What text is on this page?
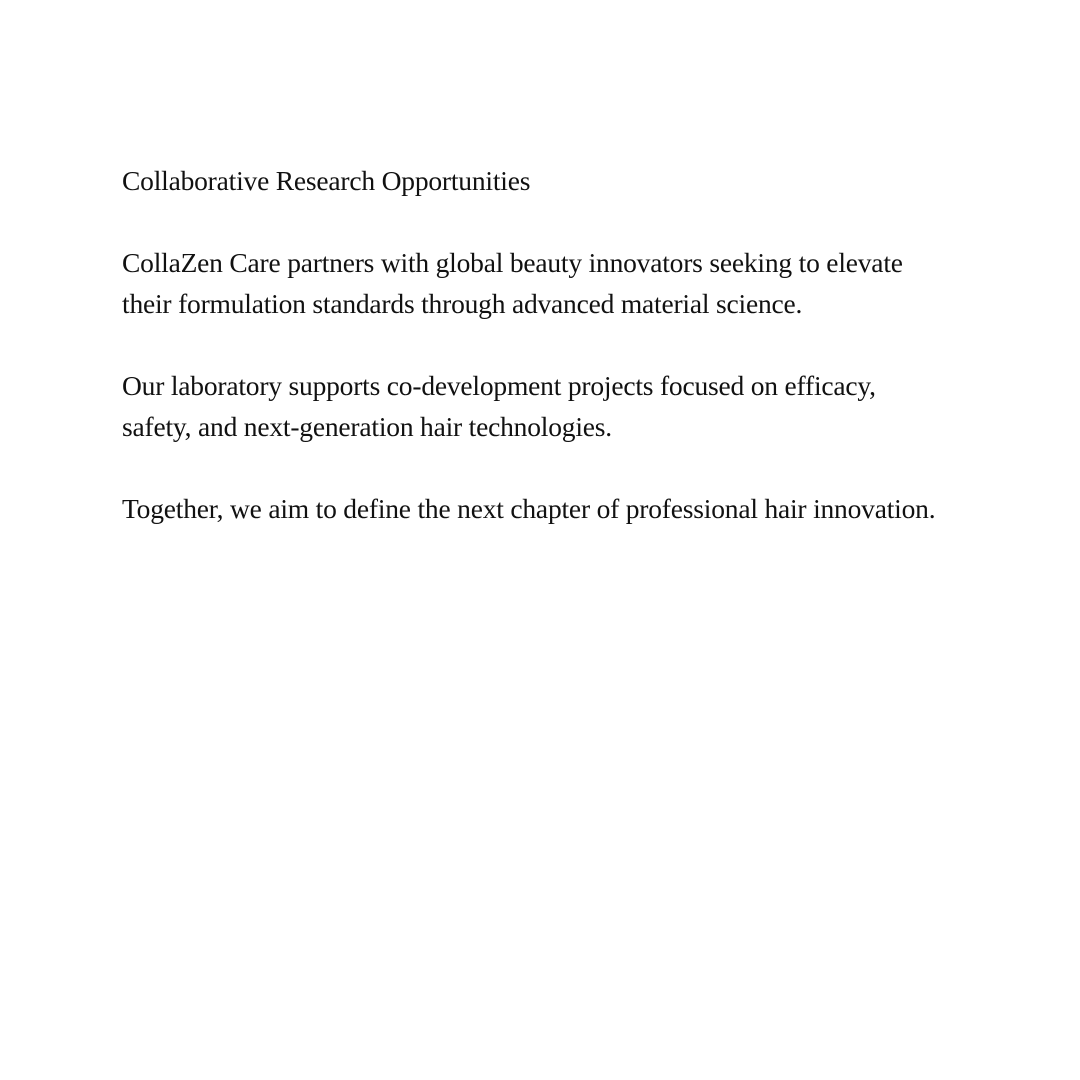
Collaborative Research Opportunities

CollaZen Care partners with global beauty innovators seeking to elevate their formulation standards through advanced material science.

Our laboratory supports co-development projects focused on efficacy, safety, and next-generation hair technologies.

Together, we aim to define the next chapter of professional hair innovation.
